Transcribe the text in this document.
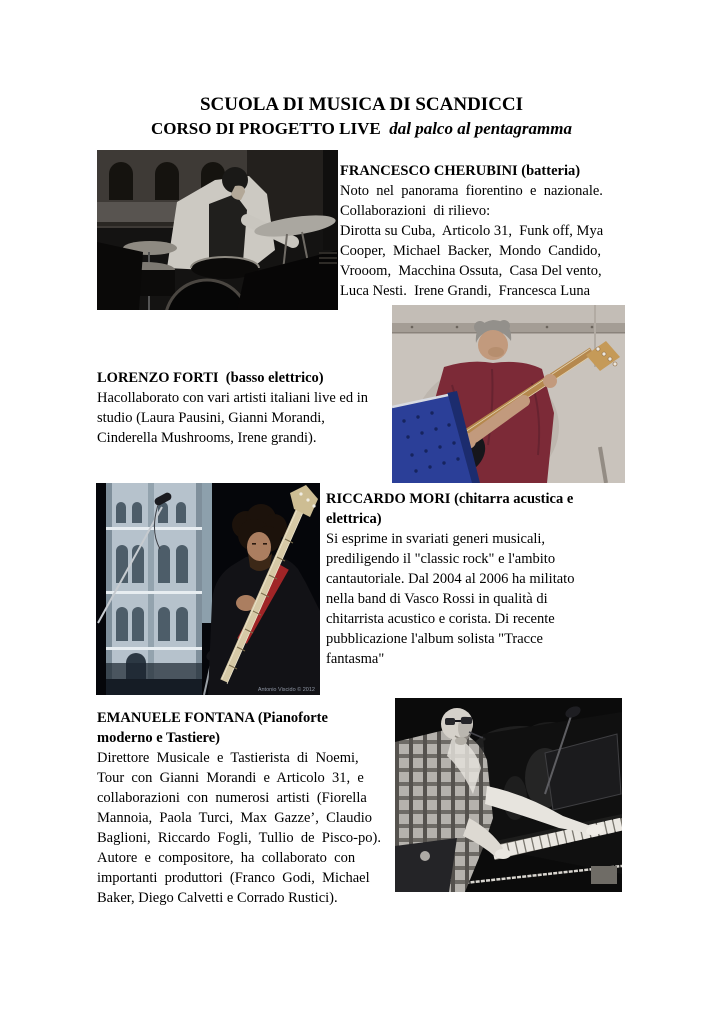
SCUOLA DI MUSICA DI SCANDICCI
CORSO DI PROGETTO LIVE dal palco al pentagramma
FRANCESCO CHERUBINI (batteria)
Noto  nel  panorama  fiorentino  e  nazionale.
Collaborazioni  di rilievo:
Dirotta su Cuba,  Articolo 31,  Funk off, Mya
Cooper,  Michael  Backer,  Mondo  Candido,
Vrooom,  Macchina Ossuta,  Casa Del vento,
Luca Nesti.  Irene Grandi,  Francesca Luna
LORENZO FORTI  (basso elettrico)
Hacollaborato con vari artisti italiani live ed in
studio (Laura Pausini, Gianni Morandi,
Cinderella Mushrooms, Irene grandi).
Antonio Viscido © 2012
RICCARDO MORI (chitarra acustica e
elettrica)
Si esprime in svariati generi musicali,
prediligendo il "classic rock" e l'ambito
cantautoriale. Dal 2004 al 2006 ha militato
nella band di Vasco Rossi in qualità di
chitarrista acustico e corista. Di recente
pubblicazione l'album solista "Tracce
fantasma"
EMANUELE FONTANA (Pianoforte
moderno e Tastiere)
Direttore  Musicale  e  Tastierista  di  Noemi,
Tour  con  Gianni  Morandi  e  Articolo  31,  e
collaborazioni  con  numerosi  artisti  (Fiorella
Mannoia,  Paola  Turci,  Max  Gazze’,  Claudio
Baglioni,  Riccardo  Fogli,  Tullio  de  Pisco-po).
Autore  e  compositore,  ha  collaborato  con
importanti  produttori  (Franco  Godi,  Michael
Baker, Diego Calvetti e Corrado Rustici).
